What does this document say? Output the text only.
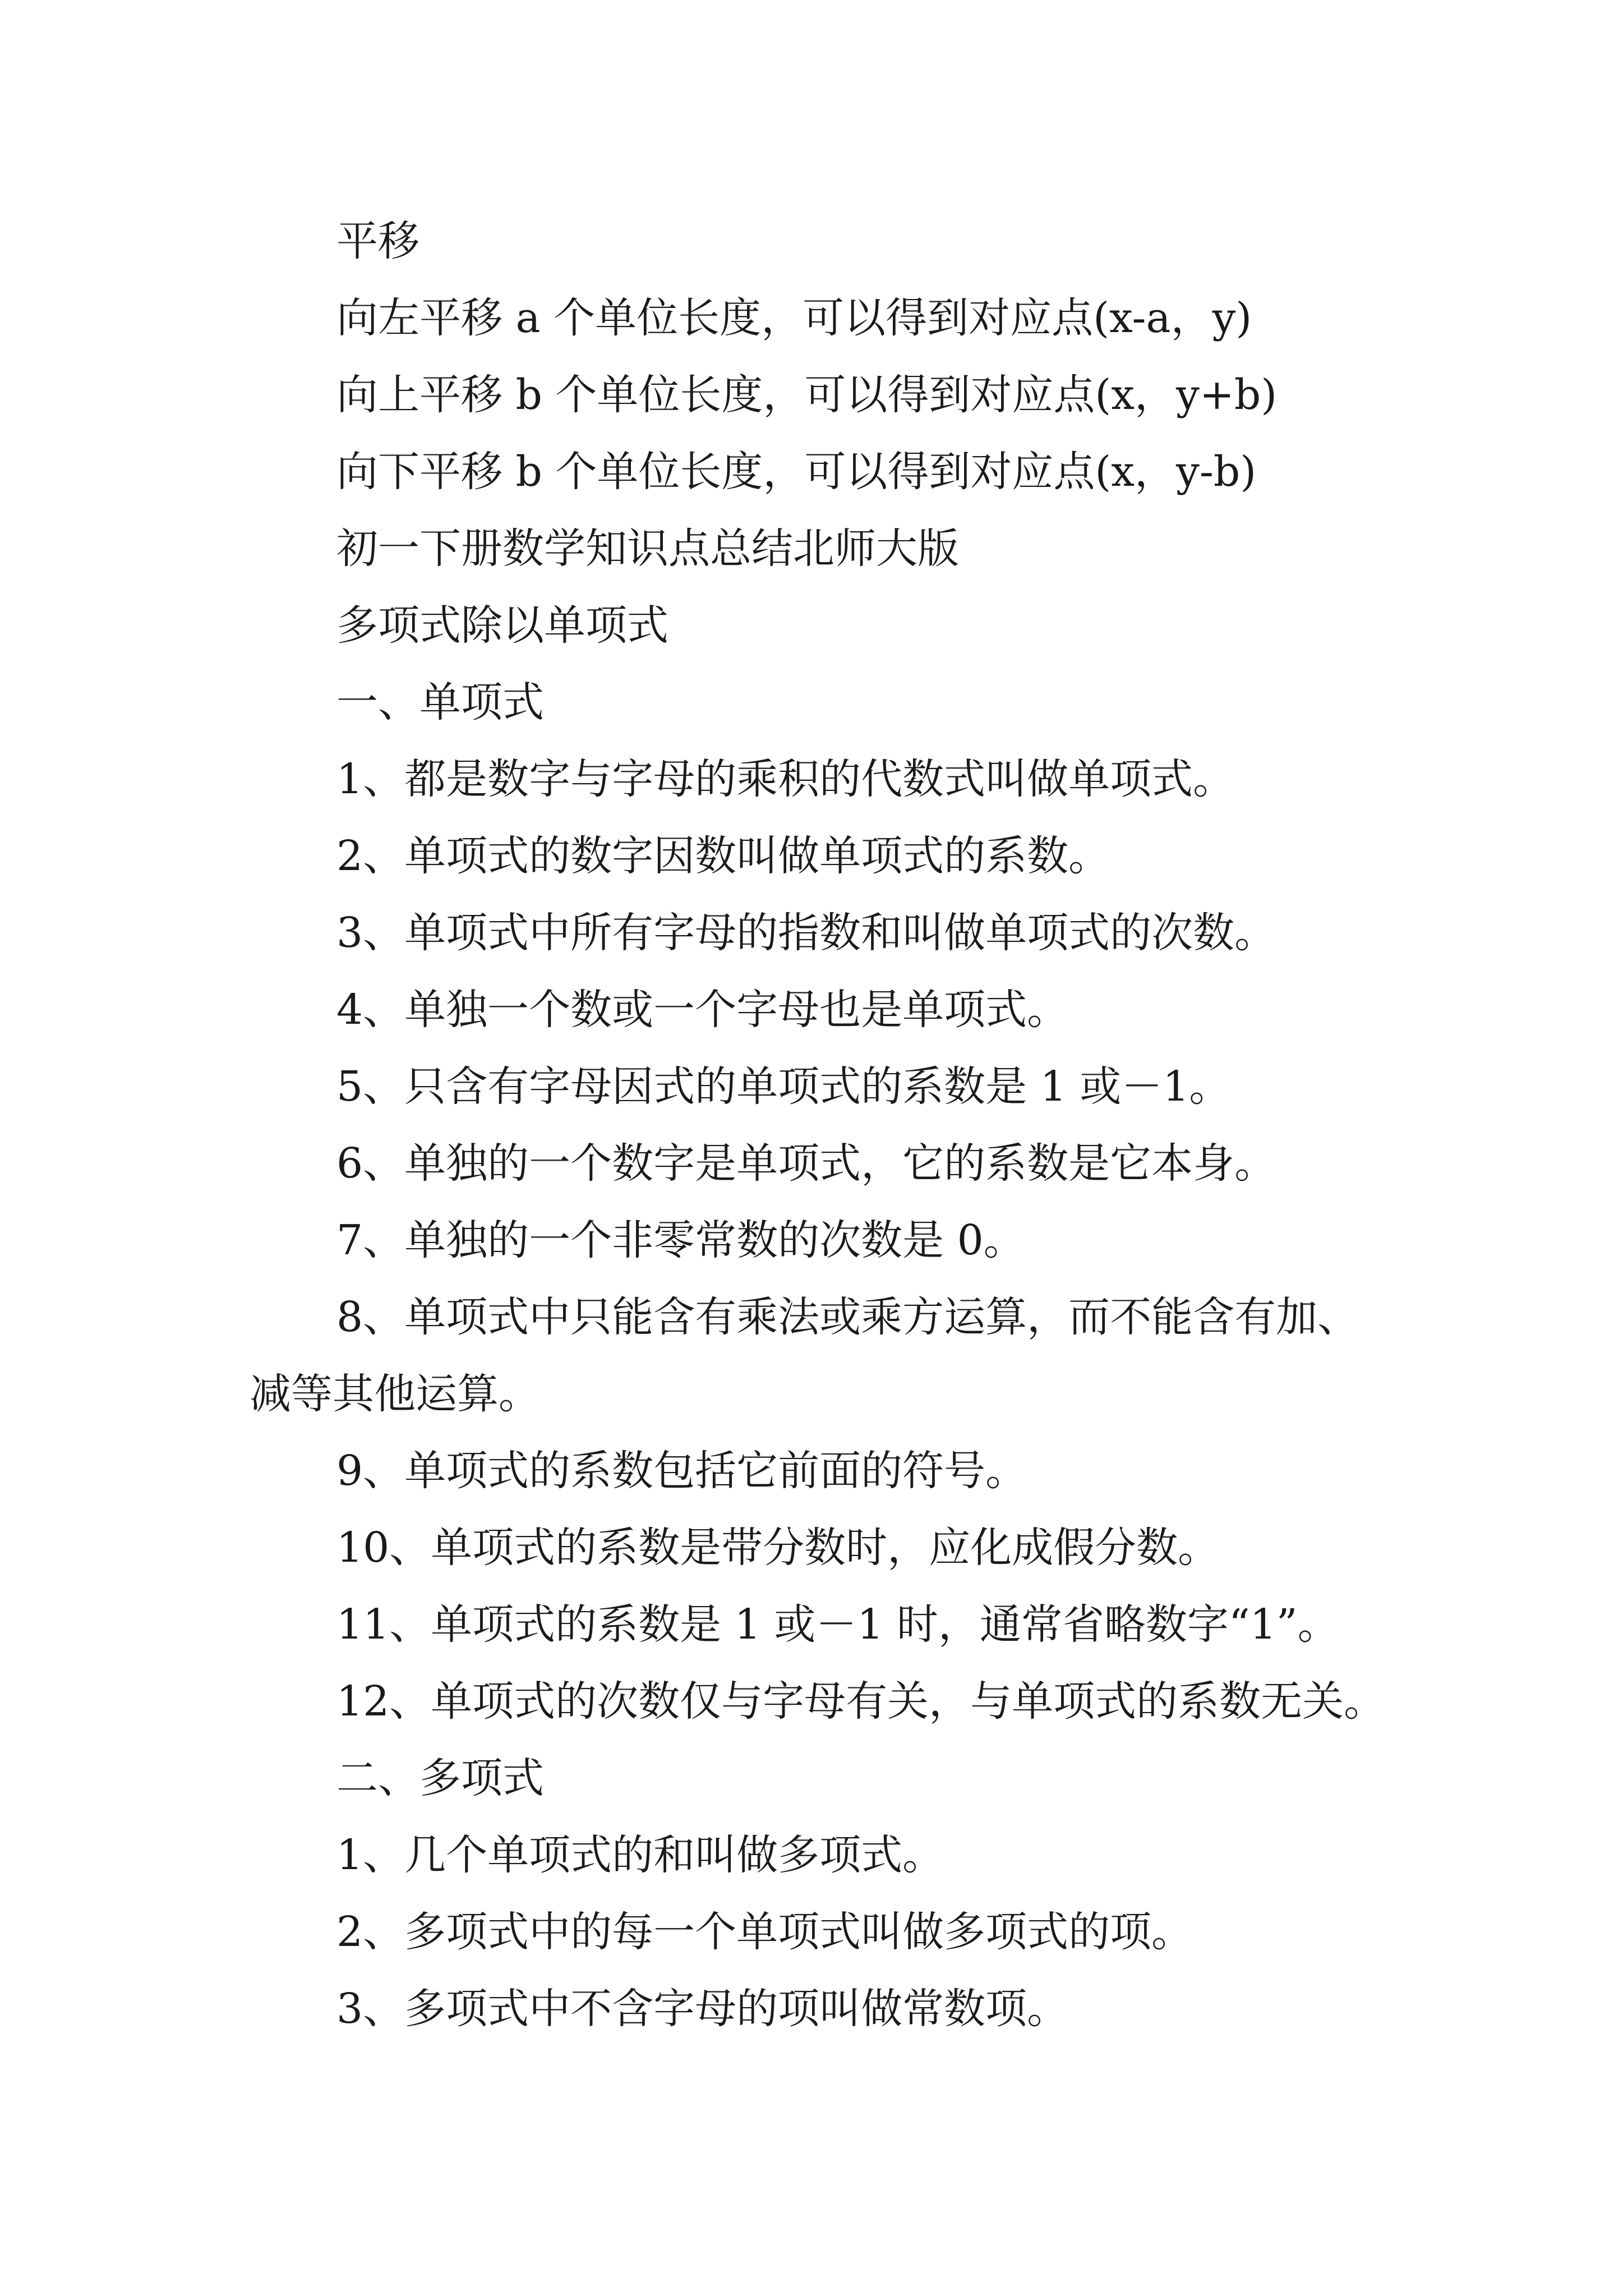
平移
向左平移 a 个单位长度，可以得到对应点(x-a，y)
向上平移 b 个单位长度，可以得到对应点(x，y+b)
向下平移 b 个单位长度，可以得到对应点(x，y-b)
初一下册数学知识点总结北师大版
多项式除以单项式
一、单项式
1、都是数字与字母的乘积的代数式叫做单项式。
2、单项式的数字因数叫做单项式的系数。
3、单项式中所有字母的指数和叫做单项式的次数。
4、单独一个数或一个字母也是单项式。
5、只含有字母因式的单项式的系数是 1 或－1。
6、单独的一个数字是单项式，它的系数是它本身。
7、单独的一个非零常数的次数是 0。
8、单项式中只能含有乘法或乘方运算，而不能含有加、
减等其他运算。
9、单项式的系数包括它前面的符号。
10、单项式的系数是带分数时，应化成假分数。
11、单项式的系数是 1 或－1 时，通常省略数字“1”。
12、单项式的次数仅与字母有关，与单项式的系数无关。
二、多项式
1、几个单项式的和叫做多项式。
2、多项式中的每一个单项式叫做多项式的项。
3、多项式中不含字母的项叫做常数项。
